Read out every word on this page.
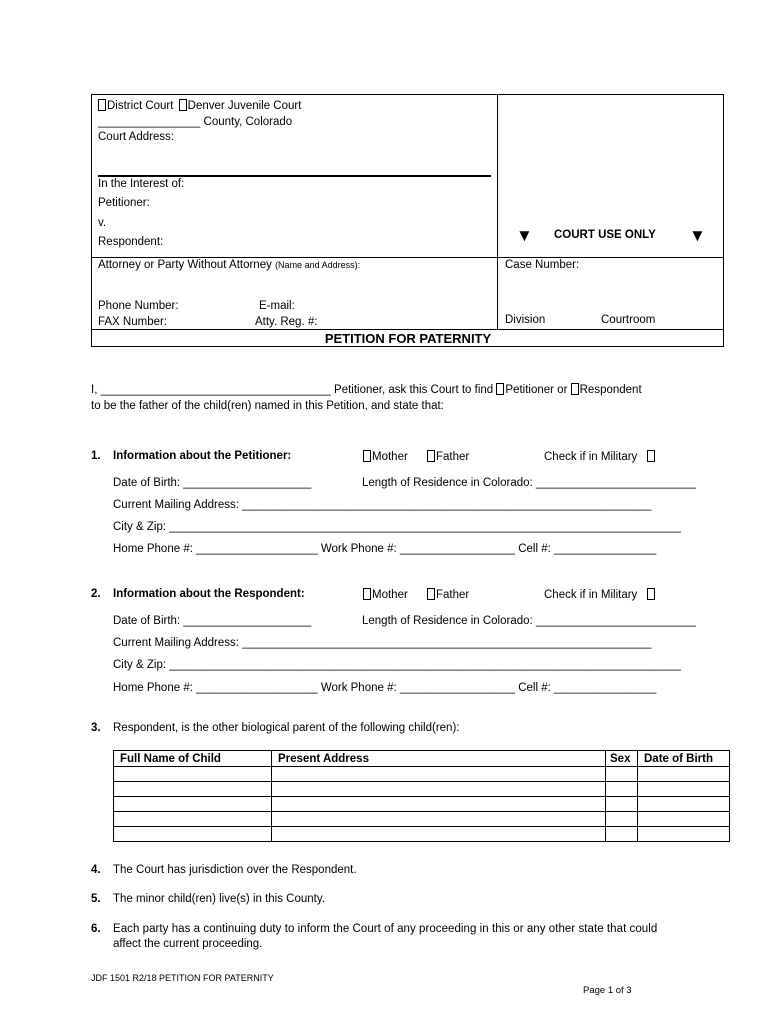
District Court Denver Juvenile Court
________________ County, Colorado
Court Address:
In the Interest of:
Petitioner:
v.
Respondent:	▼ COURT USE ONLY ▼
Attorney or Party Without Attorney (Name and Address):
Phone Number:	E-mail:
FAX Number:	Atty. Reg. #:
Case Number:
Division	Courtroom
PETITION FOR PATERNITY
I, ____________________________________ Petitioner, ask this Court to find Petitioner or Respondent
to be the father of the child(ren) named in this Petition, and state that:
1. Information about the Petitioner:	Mother	Father	Check if in Military
Date of Birth: ____________________	Length of Residence in Colorado: _________________________
Current Mailing Address: ________________________________________________________________
City & Zip: ________________________________________________________________________________
Home Phone #: ___________________ Work Phone #: __________________ Cell #: ________________
2. Information about the Respondent:	Mother	Father	Check if in Military
Date of Birth: ____________________	Length of Residence in Colorado: _________________________
Current Mailing Address: ________________________________________________________________
City & Zip: ________________________________________________________________________________
Home Phone #: ___________________ Work Phone #: __________________ Cell #: ________________
3. Respondent, is the other biological parent of the following child(ren):
Full Name of Child	Present Address	Sex	Date of Birth

4. The Court has jurisdiction over the Respondent.
5. The minor child(ren) live(s) in this County.
6. Each party has a continuing duty to inform the Court of any proceeding in this or any other state that could
affect the current proceeding.
JDF 1501 R2/18 PETITION FOR PATERNITY
Page 1 of 3
